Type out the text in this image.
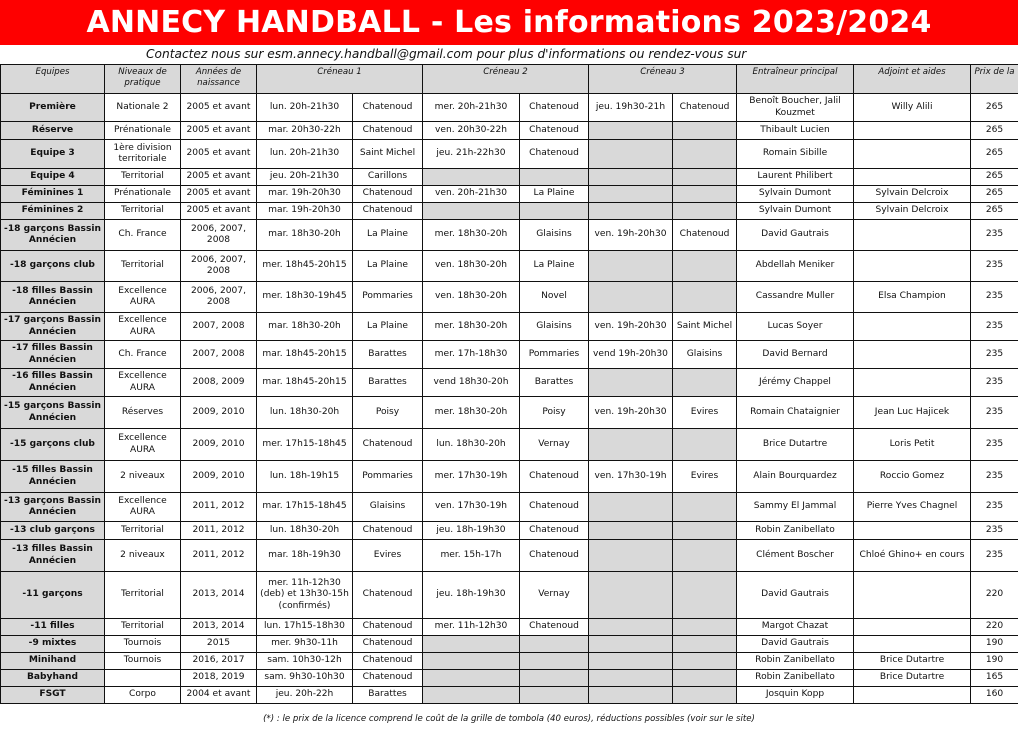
ANNECY HANDBALL - Les informations 2023/2024
Contactez nous sur esm.annecy.handball@gmail.com pour plus d'informations ou rendez-vous sur
Equipes	Niveaux de pratique	Années de naissance	Créneau 1		Créneau 2		Créneau 3		Entraîneur principal	Adjoint et aides	Prix de la
Première	Nationale 2	2005 et avant	lun. 20h-21h30	Chatenoud	mer. 20h-21h30	Chatenoud	jeu. 19h30-21h	Chatenoud	Benoît Boucher, Jalil Kouzmet	Willy Alili	265
Réserve	Prénationale	2005 et avant	mar. 20h30-22h	Chatenoud	ven. 20h30-22h	Chatenoud			Thibault Lucien		265
Equipe 3	1ère division territoriale	2005 et avant	lun. 20h-21h30	Saint Michel	jeu. 21h-22h30	Chatenoud			Romain Sibille		265
Equipe 4	Territorial	2005 et avant	jeu. 20h-21h30	Carillons					Laurent Philibert		265
Féminines 1	Prénationale	2005 et avant	mar. 19h-20h30	Chatenoud	ven. 20h-21h30	La Plaine			Sylvain Dumont	Sylvain Delcroix	265
Féminines 2	Territorial	2005 et avant	mar. 19h-20h30	Chatenoud					Sylvain Dumont	Sylvain Delcroix	265
-18 garçons Bassin Annécien	Ch. France	2006, 2007, 2008	mar. 18h30-20h	La Plaine	mer. 18h30-20h	Glaisins	ven. 19h-20h30	Chatenoud	David Gautrais		235
-18 garçons club	Territorial	2006, 2007, 2008	mer. 18h45-20h15	La Plaine	ven. 18h30-20h	La Plaine			Abdellah Meniker		235
-18 filles Bassin Annécien	Excellence AURA	2006, 2007, 2008	mer. 18h30-19h45	Pommaries	ven. 18h30-20h	Novel			Cassandre Muller	Elsa Champion	235
-17 garçons Bassin Annécien	Excellence AURA	2007, 2008	mar. 18h30-20h	La Plaine	mer. 18h30-20h	Glaisins	ven. 19h-20h30	Saint Michel	Lucas Soyer		235
-17 filles Bassin Annécien	Ch. France	2007, 2008	mar. 18h45-20h15	Barattes	mer. 17h-18h30	Pommaries	vend 19h-20h30	Glaisins	David Bernard		235
-16 filles Bassin Annécien	Excellence AURA	2008, 2009	mar. 18h45-20h15	Barattes	vend 18h30-20h	Barattes			Jérémy Chappel		235
-15 garçons Bassin Annécien	Réserves	2009, 2010	lun. 18h30-20h	Poisy	mer. 18h30-20h	Poisy	ven. 19h-20h30	Evires	Romain Chataignier	Jean Luc Hajicek	235
-15 garçons club	Excellence AURA	2009, 2010	mer. 17h15-18h45	Chatenoud	lun. 18h30-20h	Vernay			Brice Dutartre	Loris Petit	235
-15 filles Bassin Annécien	2 niveaux	2009, 2010	lun. 18h-19h15	Pommaries	mer. 17h30-19h	Chatenoud	ven. 17h30-19h	Evires	Alain Bourquardez	Roccio Gomez	235
-13 garçons Bassin Annécien	Excellence AURA	2011, 2012	mar. 17h15-18h45	Glaisins	ven. 17h30-19h	Chatenoud			Sammy El Jammal	Pierre Yves Chagnel	235
-13 club garçons	Territorial	2011, 2012	lun. 18h30-20h	Chatenoud	jeu. 18h-19h30	Chatenoud			Robin Zanibellato		235
-13 filles Bassin Annécien	2 niveaux	2011, 2012	mar. 18h-19h30	Evires	mer. 15h-17h	Chatenoud			Clément Boscher	Chloé Ghino+ en cours	235
-11 garçons	Territorial	2013, 2014	mer. 11h-12h30 (deb) et 13h30-15h (confirmés)	Chatenoud	jeu. 18h-19h30	Vernay			David Gautrais		220
-11 filles	Territorial	2013, 2014	lun. 17h15-18h30	Chatenoud	mer. 11h-12h30	Chatenoud			Margot Chazat		220
-9 mixtes	Tournois	2015	mer. 9h30-11h	Chatenoud					David Gautrais		190
Minihand	Tournois	2016, 2017	sam. 10h30-12h	Chatenoud					Robin Zanibellato	Brice Dutartre	190
Babyhand		2018, 2019	sam. 9h30-10h30	Chatenoud					Robin Zanibellato	Brice Dutartre	165
FSGT	Corpo	2004 et avant	jeu. 20h-22h	Barattes					Josquin Kopp		160
(*) : le prix de la licence comprend le coût de la grille de tombola (40 euros), réductions possibles (voir sur le site)
